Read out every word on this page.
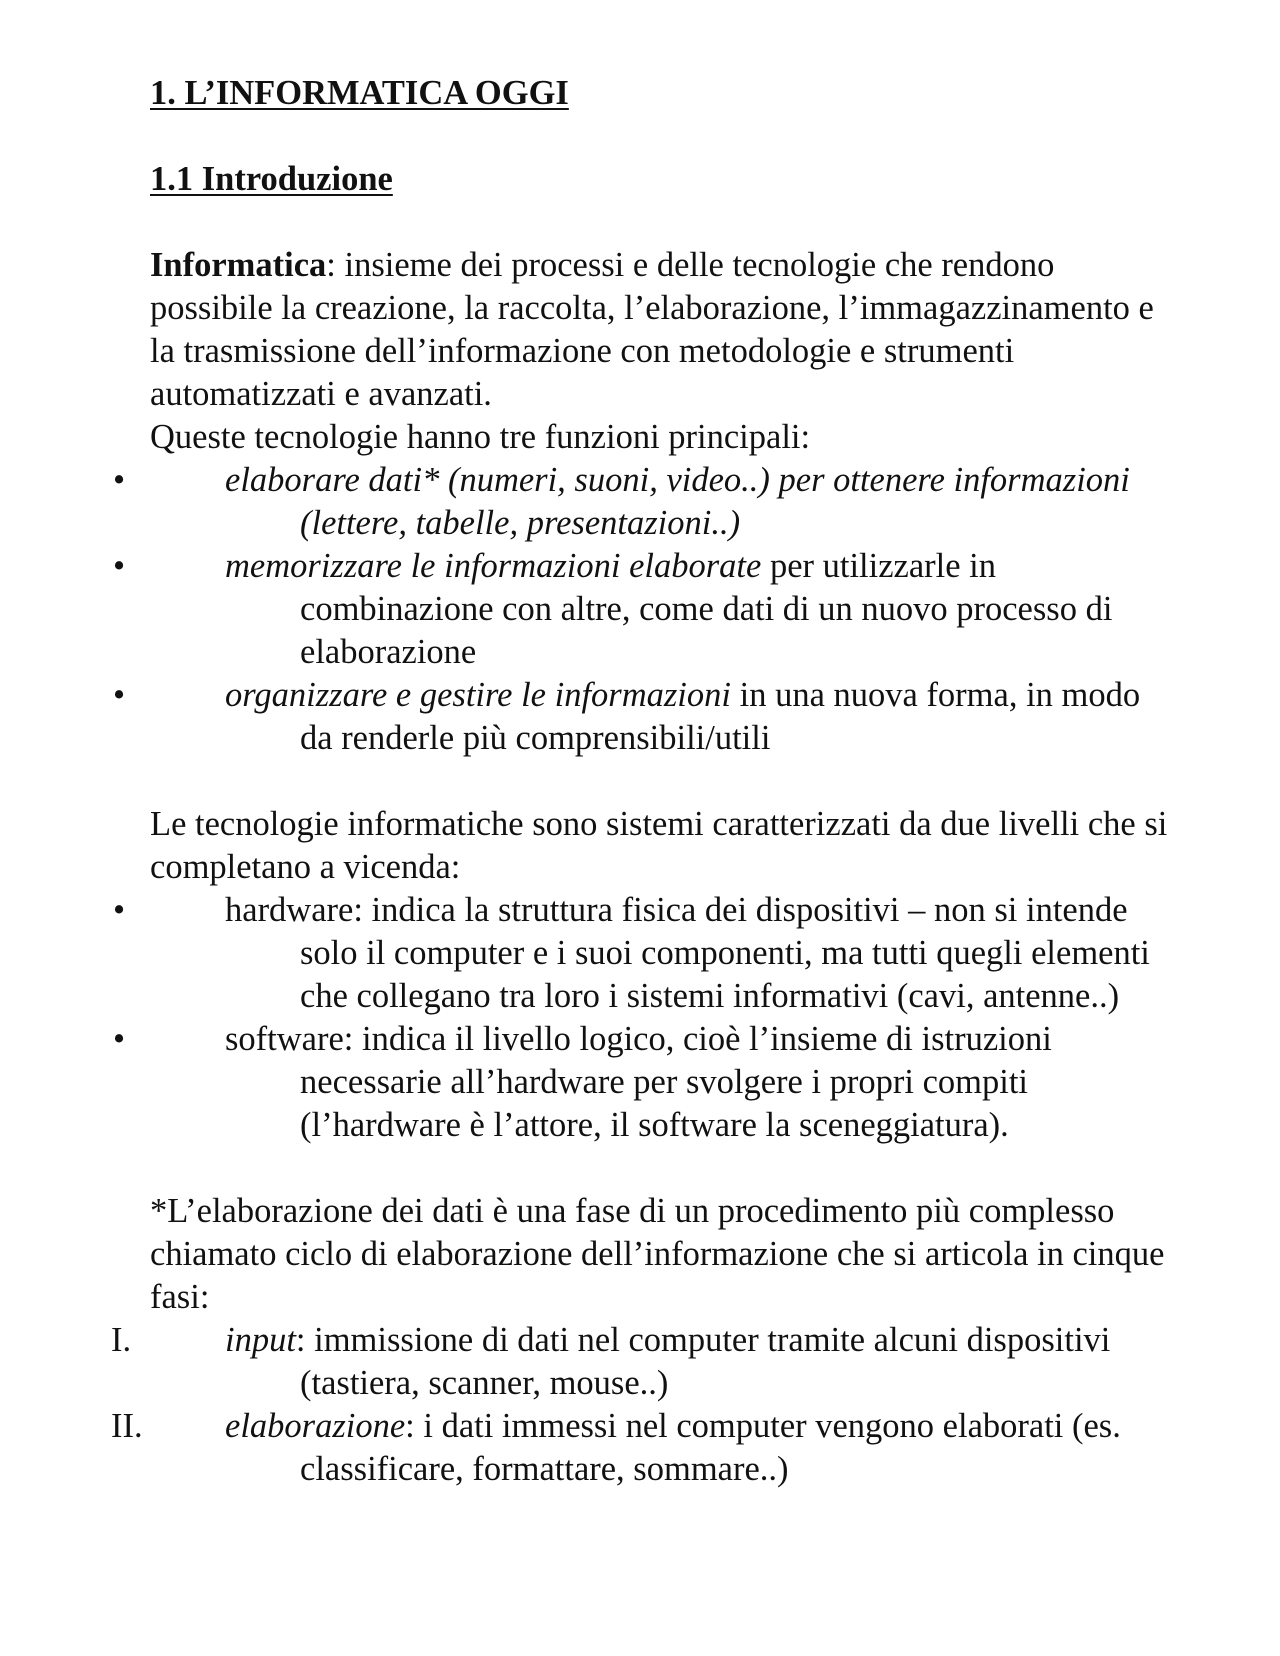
1. L’INFORMATICA OGGI
1.1 Introduzione

Informatica: insieme dei processi e delle tecnologie che rendono possibile la creazione, la raccolta, l’elaborazione, l’immagazzinamento e la trasmissione dell’informazione con metodologie e strumenti automatizzati e avanzati.

Queste tecnologie hanno tre funzioni principali:

•	elaborare dati* (numeri, suoni, video..) per ottenere informazioni (lettere, tabelle, presentazioni..)
•	memorizzare le informazioni elaborate per utilizzarle in combinazione con altre, come dati di un nuovo processo di elaborazione
•	organizzare e gestire le informazioni in una nuova forma, in modo da renderle più comprensibili/utili

Le tecnologie informatiche sono sistemi caratterizzati da due livelli che si completano a vicenda:

•	hardware: indica la struttura fisica dei dispositivi – non si intende solo il computer e i suoi componenti, ma tutti quegli elementi che collegano tra loro i sistemi informativi (cavi, antenne..)
•	software: indica il livello logico, cioè l’insieme di istruzioni necessarie all’hardware per svolgere i propri compiti (l’hardware è l’attore, il software la sceneggiatura).

*L’elaborazione dei dati è una fase di un procedimento più complesso chiamato ciclo di elaborazione dell’informazione che si articola in cinque fasi:

I.	input: immissione di dati nel computer tramite alcuni dispositivi (tastiera, scanner, mouse..)
II. elaborazione: i dati immessi nel computer vengono elaborati (es. classificare, formattare, sommare..)
